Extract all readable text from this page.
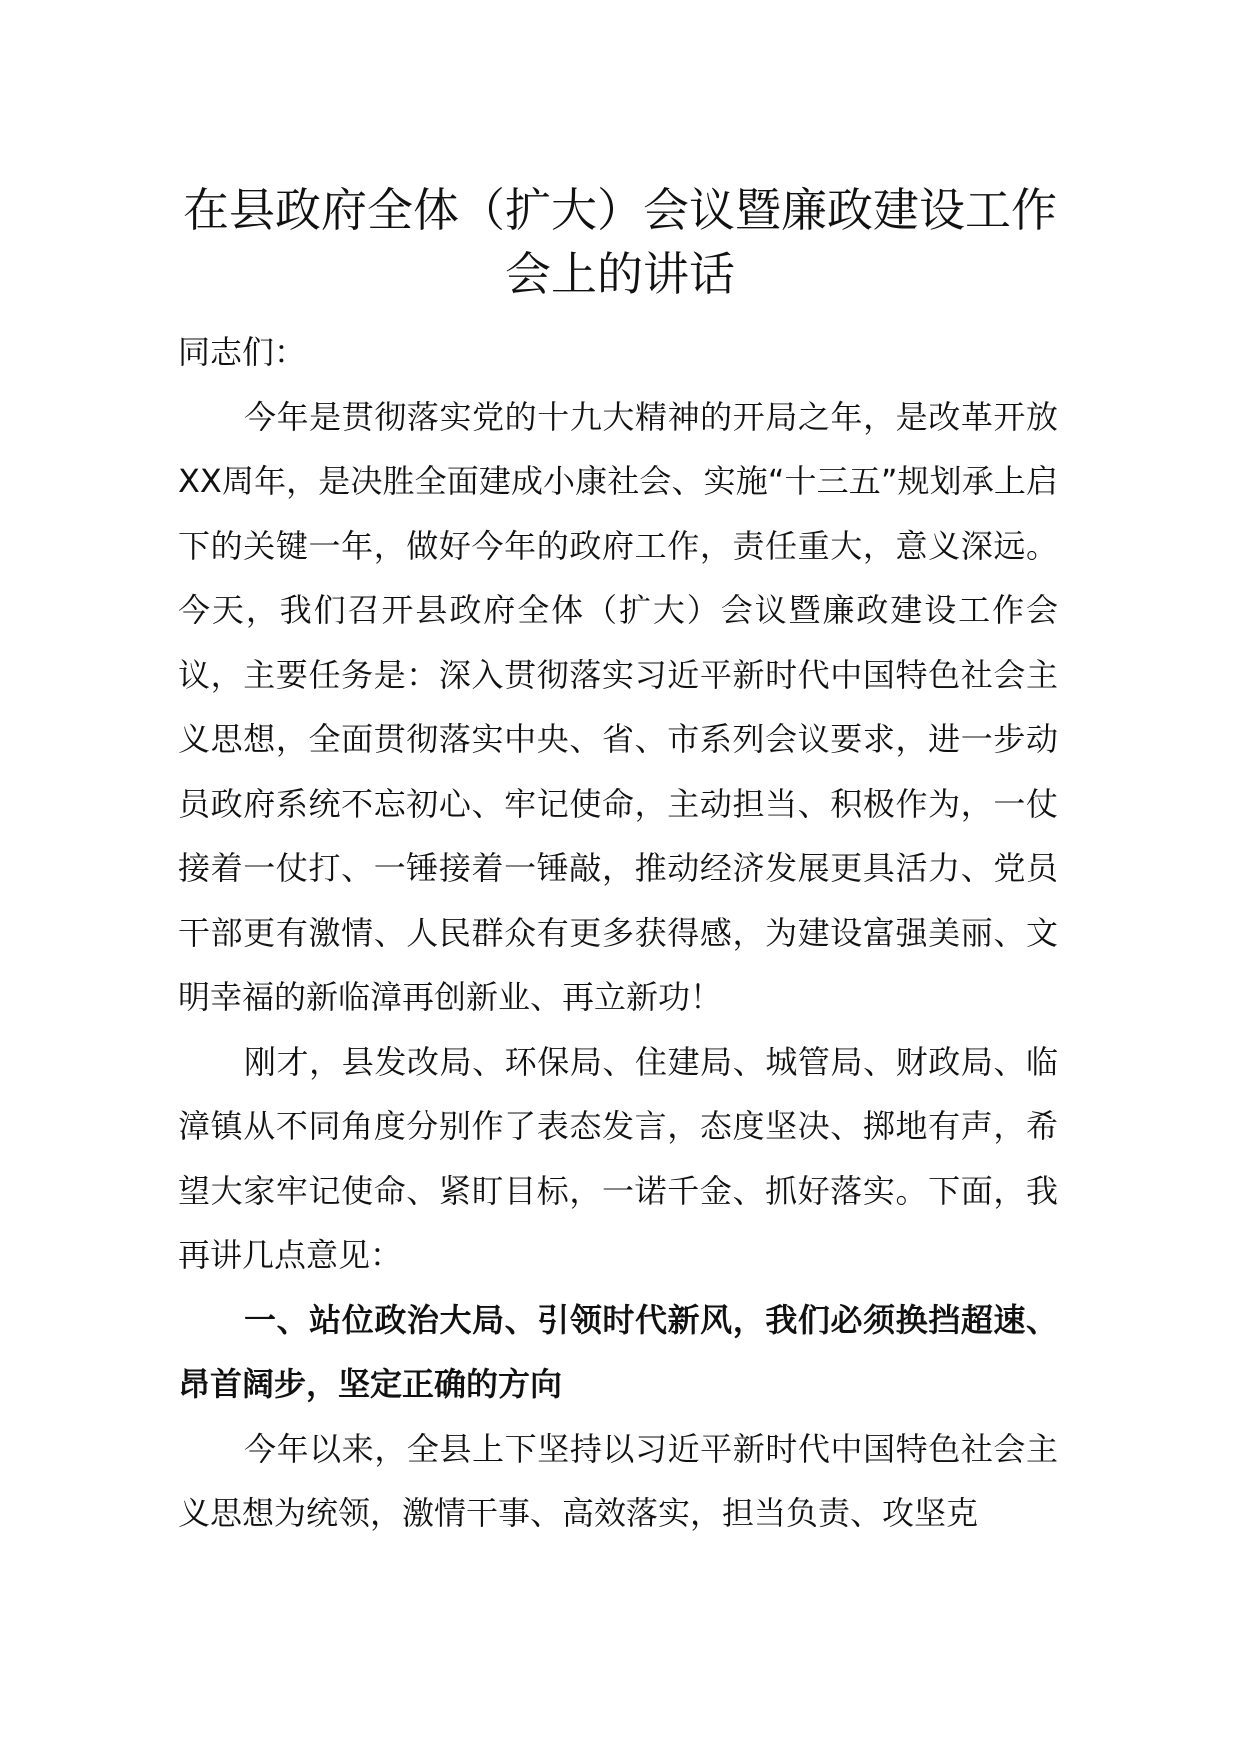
在县政府全体（扩大）会议暨廉政建设工作
会上的讲话

同志们：

今年是贯彻落实党的十九大精神的开局之年，是改革开放XX周年，是决胜全面建成小康社会、实施“十三五”规划承上启下的关键一年，做好今年的政府工作，责任重大，意义深远。今天，我们召开县政府全体（扩大）会议暨廉政建设工作会议，主要任务是：深入贯彻落实习近平新时代中国特色社会主义思想，全面贯彻落实中央、省、市系列会议要求，进一步动员政府系统不忘初心、牢记使命，主动担当、积极作为，一仗接着一仗打、一锤接着一锤敲，推动经济发展更具活力、党员干部更有激情、人民群众有更多获得感，为建设富强美丽、文明幸福的新临漳再创新业、再立新功！

刚才，县发改局、环保局、住建局、城管局、财政局、临漳镇从不同角度分别作了表态发言，态度坚决、掷地有声，希望大家牢记使命、紧盯目标，一诺千金、抓好落实。下面，我再讲几点意见：

一、站位政治大局、引领时代新风，我们必须换挡超速、昂首阔步，坚定正确的方向

今年以来，全县上下坚持以习近平新时代中国特色社会主义思想为统领，激情干事、高效落实，担当负责、攻坚克
